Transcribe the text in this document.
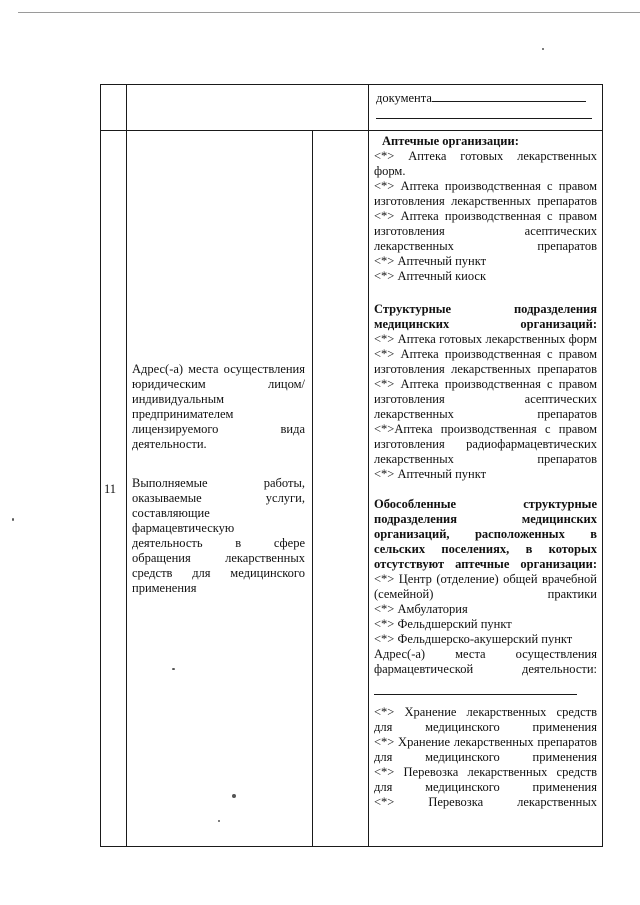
документа
11
Адрес(-а) места осуществления юридическим лицом/индивидуальным предпринимателем лицензируемого вида деятельности.
Выполняемые работы, оказываемые услуги, составляющие фармацевтическую деятельность в сфере обращения лекарственных средств для медицинского применения

Аптечные организации:

<*> Аптека готовых лекарственных форм.

<*> Аптека производственная с правом изготовления лекарственных препаратов

<*> Аптека производственная с правом изготовления асептических лекарственных препаратов

<*> Аптечный пункт

<*> Аптечный киоск

Структурные подразделения медицинских организаций:

<*> Аптека готовых лекарственных форм

<*> Аптека производственная с правом изготовления лекарственных препаратов

<*> Аптека производственная с правом изготовления асептических лекарственных препаратов

<*>Аптека производственная с правом изготовления радиофармацевтических лекарственных препаратов

<*> Аптечный пункт

Обособленные структурные подразделения медицинских организаций, расположенных в сельских поселениях, в которых отсутствуют аптечные организации:

<*> Центр (отделение) общей врачебной (семейной) практики

<*> Амбулатория

<*> Фельдшерский пункт

<*> Фельдшерско-акушерский пункт

Адрес(-а) места осуществления фармацевтической деятельности:

<*> Хранение лекарственных средств для медицинского применения

<*> Хранение лекарственных препаратов для медицинского применения

<*> Перевозка лекарственных средств для медицинского применения

<*> Перевозка лекарственных
